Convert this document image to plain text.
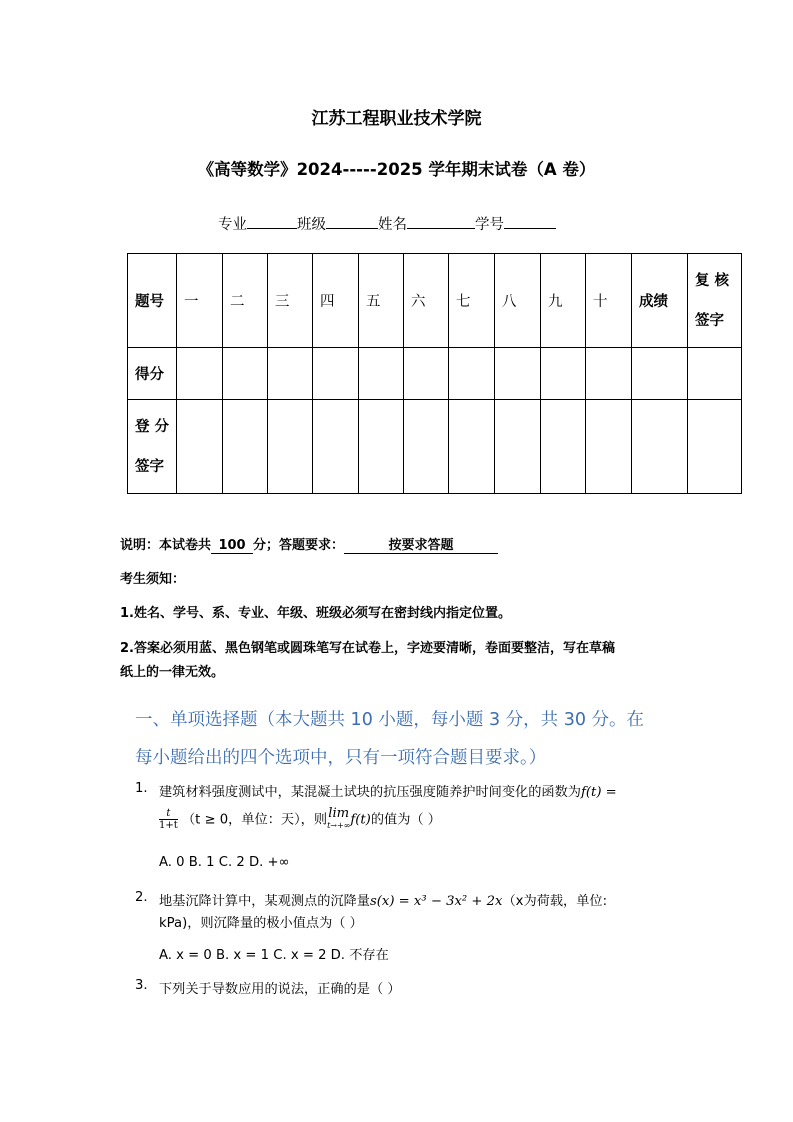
江苏工程职业技术学院
《高等数学》2024-----2025 学年期末试卷（A 卷）
专业	班级	姓名	学号
题号	一	二	三	四	五	六	七	八	九	十	成绩	复 核
签字

得分												

登 分
签字												

说明：本试卷共 100 分；答题要求：	按要求答题
考生须知：
1.姓名、学号、系、专业、年级、班级必须写在密封线内指定位置。
2.答案必须用蓝、黑色钢笔或圆珠笔写在试卷上，字迹要清晰，卷面要整洁，写在草稿
纸上的一律无效。
一、单项选择题（本大题共 10 小题，每小题 3 分，共 30 分。在
每小题给出的四个选项中，只有一项符合题目要求。）
1. 建筑材料强度测试中，某混凝土试块的抗压强度随养护时间变化的函数为f(t) =
$\frac{t}{1+t} (t \ge 0$，单位：天），则lim
t→+∞ f(t)的值为（ ）
A. 0 B. 1 C. 2 D. +∞
2. 地基沉降计算中，某观测点的沉降量s(x) = x³ − 3x² + 2x（x为荷载，单位:
kPa)，则沉降量的极小值点为（ ）
A. x = 0 B. x = 1 C. x = 2 D. 不存在
3. 下列关于导数应用的说法，正确的是（ ）
